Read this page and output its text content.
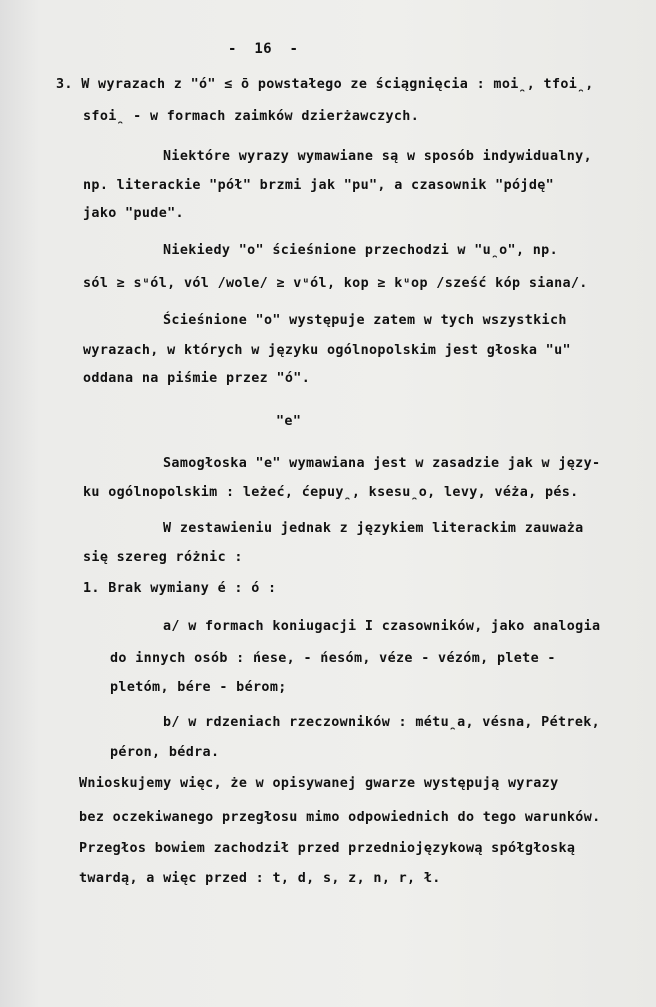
-  16  -
3. W wyrazach z "ó" ≤ ō powstałego ze ściągnięcia : moi̯, tfoi̯,
sfoi̯ - w formach zaimków dzierżawczych.
Niektóre wyrazy wymawiane są w sposób indywidualny,
np. literackie "pół" brzmi jak "pu", a czasownik "pójdę"
jako "pude".
Niekiedy "o" ścieśnione przechodzi w "u̯o", np.
sól ≥ sᵘól, vól /wole/ ≥ vᵘól, kop ≥ kᵘop /sześć kóp siana/.
Ścieśnione "o" występuje zatem w tych wszystkich
wyrazach, w których w języku ogólnopolskim jest głoska "u"
oddana na piśmie przez "ó".
"e"
Samogłoska "e" wymawiana jest w zasadzie jak w języ-
ku ogólnopolskim : leżeć, ćepuy̯, ksesu̯o, levy, véża, pés.
W zestawieniu jednak z językiem literackim zauważa
się szereg różnic :
1. Brak wymiany é : ó :
a/ w formach koniugacji I czasowników, jako analogia
do innych osób : ńese, - ńesóm, véze - vézóm, plete -
pletóm, bére - bérom;
b/ w rdzeniach rzeczowników : métu̯a, vésna, Pétrek,
péron, bédra.
Wnioskujemy więc, że w opisywanej gwarze występują wyrazy
bez oczekiwanego przegłosu mimo odpowiednich do tego warunków.
Przegłos bowiem zachodził przed przedniojęzykową spółgłoską
twardą, a więc przed : t, d, s, z, n, r, ł.
